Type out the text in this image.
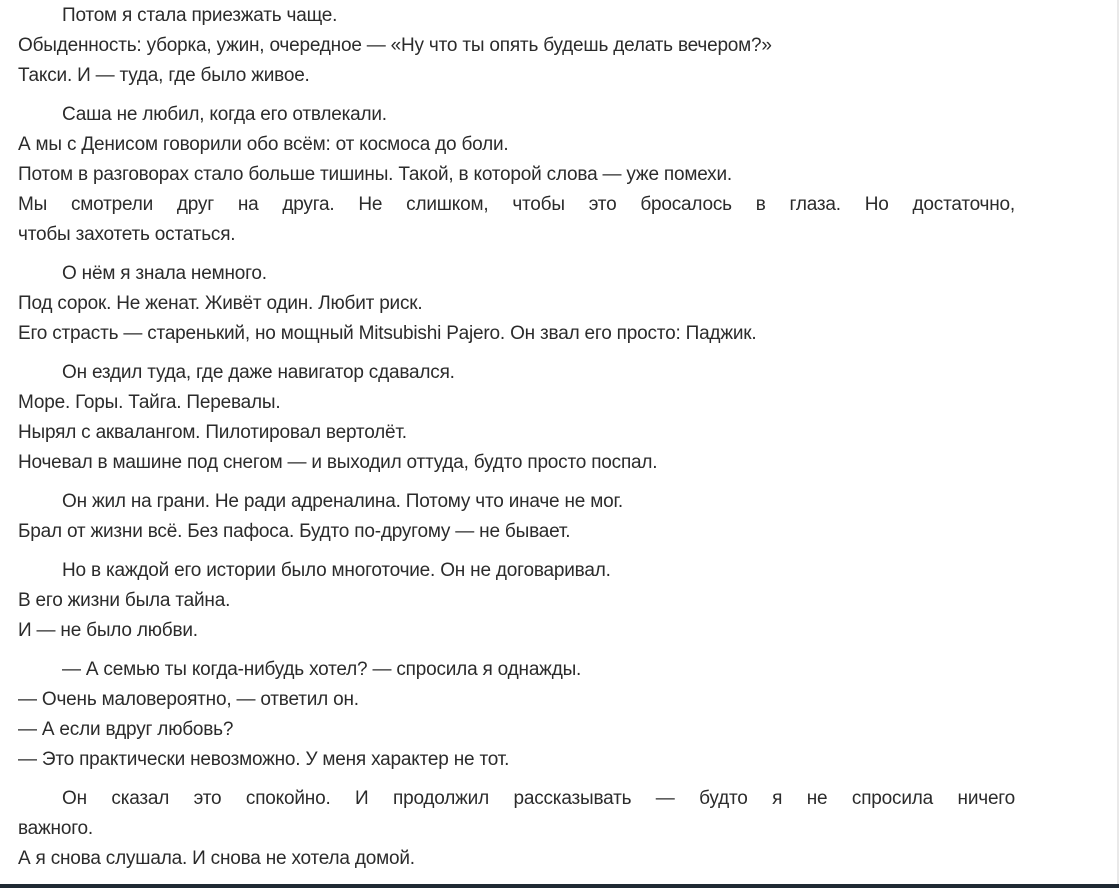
Потом я стала приезжать чаще.
Обыденность: уборка, ужин, очередное — «Ну что ты опять будешь делать вечером?»
Такси. И — туда, где было живое.
Саша не любил, когда его отвлекали.
А мы с Денисом говорили обо всём: от космоса до боли.
Потом в разговорах стало больше тишины. Такой, в которой слова — уже помехи.
Мы смотрели друг на друга. Не слишком, чтобы это бросалось в глаза. Но достаточно,
чтобы захотеть остаться.
О нём я знала немного.
Под сорок. Не женат. Живёт один. Любит риск.
Его страсть — старенький, но мощный Mitsubishi Pajero. Он звал его просто: Паджик.
Он ездил туда, где даже навигатор сдавался.
Море. Горы. Тайга. Перевалы.
Нырял с аквалангом. Пилотировал вертолёт.
Ночевал в машине под снегом — и выходил оттуда, будто просто поспал.
Он жил на грани. Не ради адреналина. Потому что иначе не мог.
Брал от жизни всё. Без пафоса. Будто по-другому — не бывает.
Но в каждой его истории было многоточие. Он не договаривал.
В его жизни была тайна.
И — не было любви.
— А семью ты когда-нибудь хотел? — спросила я однажды.
— Очень маловероятно, — ответил он.
— А если вдруг любовь?
— Это практически невозможно. У меня характер не тот.
Он сказал это спокойно. И продолжил рассказывать — будто я не спросила ничего
важного.
А я снова слушала. И снова не хотела домой.
